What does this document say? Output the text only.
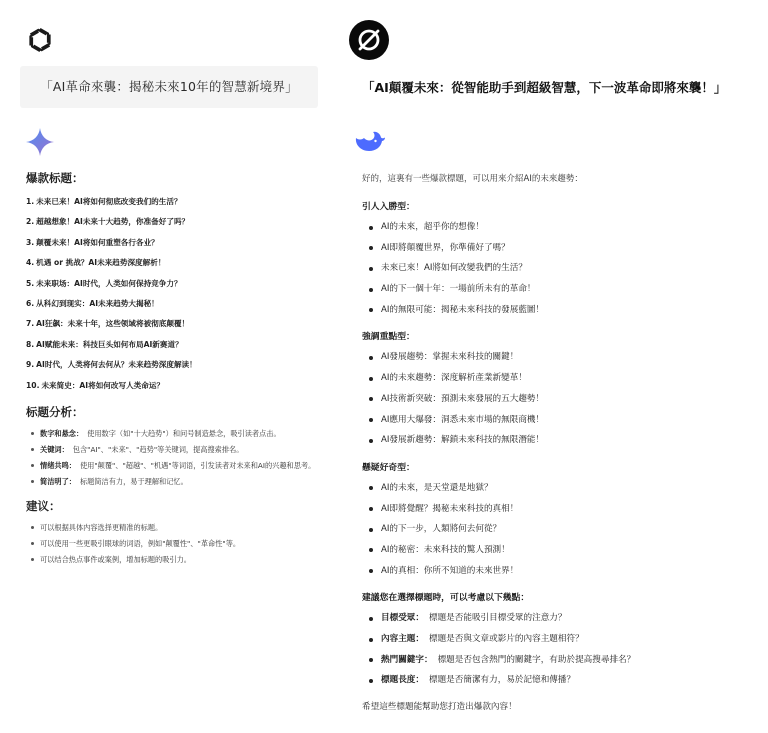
「AI革命來襲：揭秘未來10年的智慧新境界」	「AI顛覆未來：從智能助手到超級智慧，下一波革命即將來襲！」
爆款标题：
1. 未来已来！AI将如何彻底改变我们的生活？
2. 超越想象！AI未来十大趋势，你准备好了吗？
3. 颠覆未来！AI将如何重塑各行各业？
4. 机遇 or 挑战？AI未来趋势深度解析！
5. 未来职场：AI时代，人类如何保持竞争力？
6. 从科幻到现实：AI未来趋势大揭秘！
7. AI狂飙：未来十年，这些领域将被彻底颠覆！
8. AI赋能未来：科技巨头如何布局AI新赛道？
9. AI时代，人类将何去何从？未来趋势深度解读！
10. 未来简史：AI将如何改写人类命运？
标题分析：
数字和悬念： 使用数字（如"十大趋势"）和问号制造悬念，吸引读者点击。
关键词： 包含"AI"、"未来"、"趋势"等关键词，提高搜索排名。
情绪共鸣： 使用"颠覆"、"超越"、"机遇"等词语，引发读者对未来和AI的兴趣和思考。
简洁明了： 标题简洁有力，易于理解和记忆。
建议：
可以根据具体内容选择更精准的标题。
可以使用一些更吸引眼球的词语，例如"颠覆性"、"革命性"等。
可以结合热点事件或案例，增加标题的吸引力。
好的，這裏有一些爆款標題，可以用來介紹AI的未來趨勢：
引人入勝型：
AI的未來，超乎你的想像！
AI即將顛覆世界，你準備好了嗎？
未來已來！AI將如何改變我們的生活？
AI的下一個十年：一場前所未有的革命！
AI的無限可能：揭秘未來科技的發展藍圖！
強調重點型：
AI發展趨勢：掌握未來科技的關鍵！
AI的未來趨勢：深度解析產業新變革！
AI技術新突破：預測未來發展的五大趨勢！
AI應用大爆發：洞悉未來市場的無限商機！
AI發展新趨勢：解鎖未來科技的無限潛能！
懸疑好奇型：
AI的未來，是天堂還是地獄？
AI即將覺醒？揭秘未來科技的真相！
AI的下一步，人類將何去何從？
AI的秘密：未來科技的驚人預測！
AI的真相：你所不知道的未來世界！
建議您在選擇標題時，可以考慮以下幾點：
目標受眾： 標題是否能吸引目標受眾的注意力？
內容主題： 標題是否與文章或影片的內容主題相符？
熱門關鍵字： 標題是否包含熱門的關鍵字，有助於提高搜尋排名？
標題長度： 標題是否簡潔有力，易於記憶和傳播？
希望這些標題能幫助您打造出爆款內容！
